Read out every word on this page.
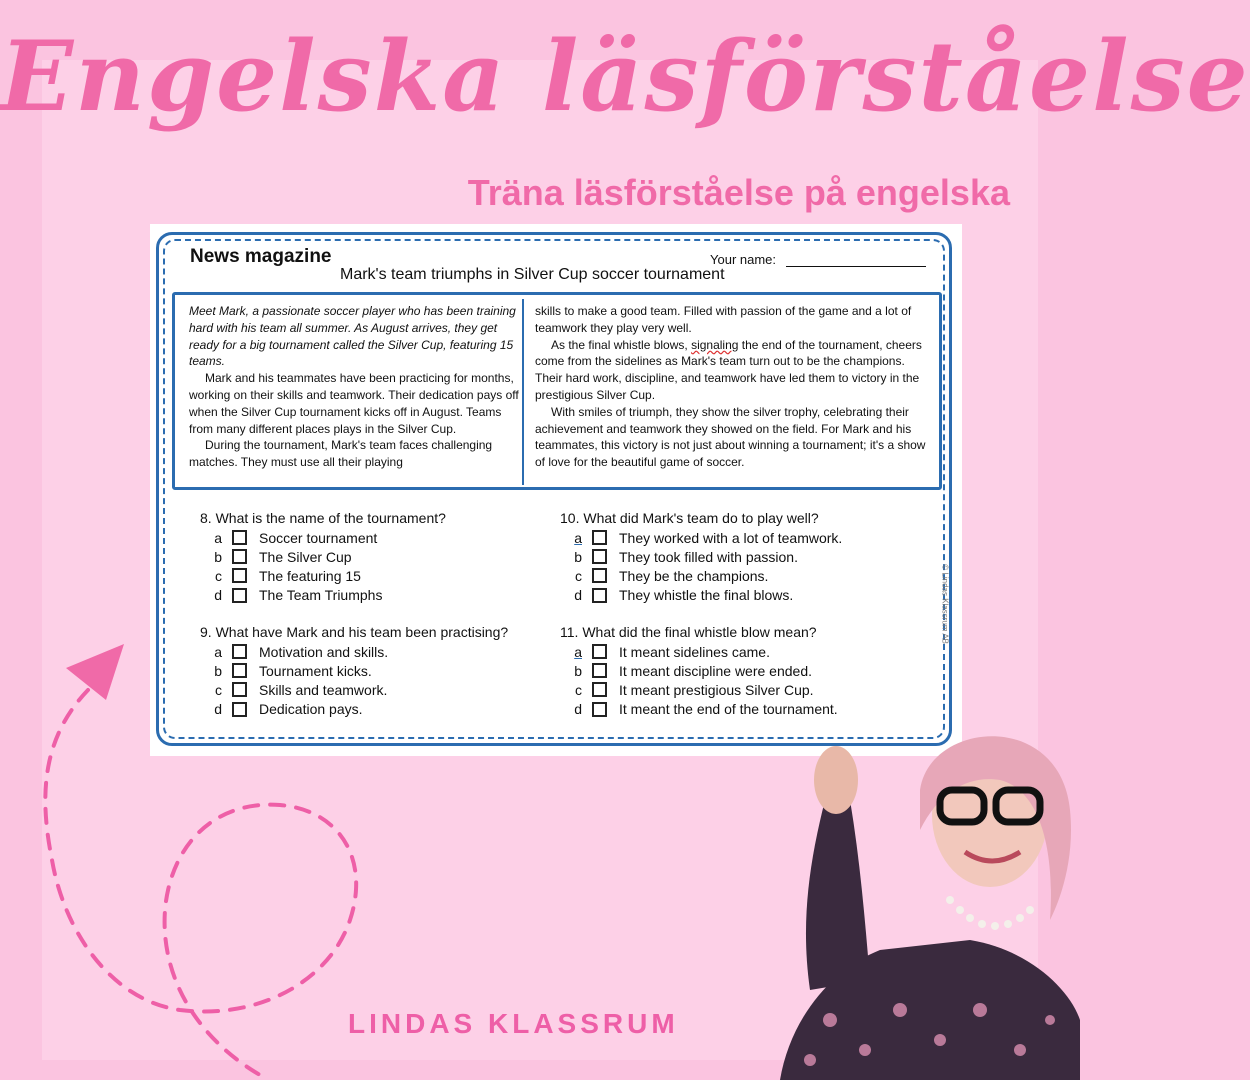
Engelska läsförståelse
Träna läsförståelse på engelska
News magazine	Your name:
Mark's team triumphs in Silver Cup soccer tournament

Meet Mark, a passionate soccer player who has been training hard with his team all summer. As August arrives, they get ready for a big tournament called the Silver Cup, featuring 15 teams.

Mark and his teammates have been practicing for months, working on their skills and teamwork. Their dedication pays off when the Silver Cup tournament kicks off in August. Teams from many different places plays in the Silver Cup.

During the tournament, Mark's team faces challenging matches. They must use all their playing

skills to make a good team. Filled with passion of the game and a lot of teamwork they play very well.

As the final whistle blows, signaling the end of the tournament, cheers come from the sidelines as Mark's team turn out to be the champions. Their hard work, discipline, and teamwork have led them to victory in the prestigious Silver Cup.

With smiles of triumph, they show the silver trophy, celebrating their achievement and teamwork they showed on the field. For Mark and his teammates, this victory is not just about winning a tournament; it's a show of love for the beautiful game of soccer.

8. What is the name of the tournament?
a	Soccer tournament
b	The Silver Cup
c	The featuring 15
d	The Team Triumphs
9. What have Mark and his team been practising?
a	Motivation and skills.
b	Tournament kicks.
c	Skills and teamwork.
d	Dedication pays.
10. What did Mark's team do to play well?
a	They worked with a lot of teamwork.
b	They took filled with passion.
c	They be the champions.
d	They whistle the final blows.
11. What did the final whistle blow mean?
a	It meant sidelines came.
b	It meant discipline were ended.
c	It meant prestigious Silver Cup.
d	It meant the end of the tournament.
© Lindas Klassrum AB
LINDAS KLASSRUM
